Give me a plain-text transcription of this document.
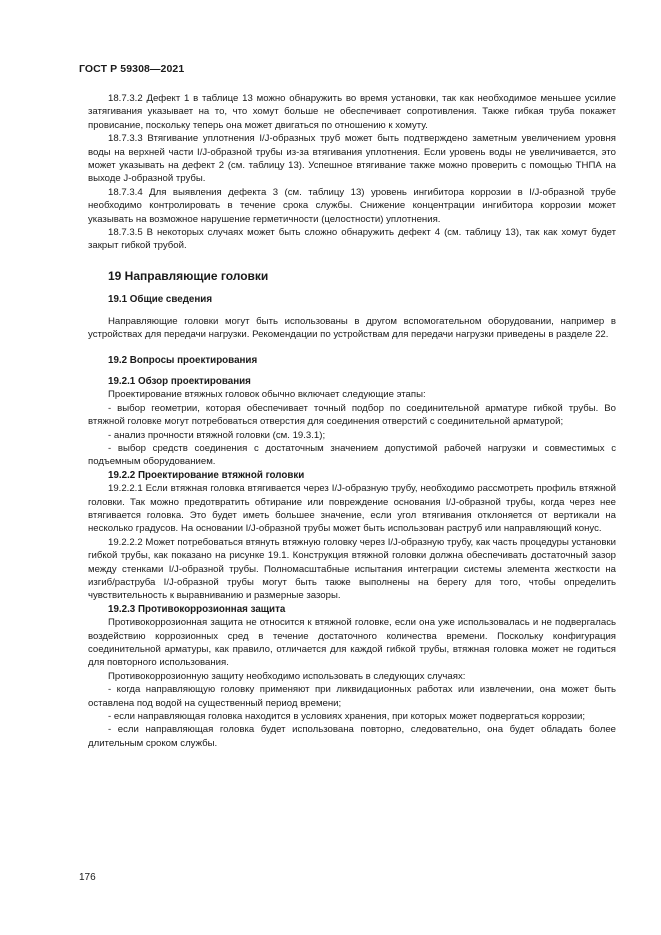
ГОСТ Р 59308—2021

18.7.3.2 Дефект 1 в таблице 13 можно обнаружить во время установки, так как необходимое меньшее усилие затягивания указывает на то, что хомут больше не обеспечивает сопротивления. Также гибкая труба покажет провисание, поскольку теперь она может двигаться по отношению к хомуту.

18.7.3.3 Втягивание уплотнения I/J-образных труб может быть подтверждено заметным увеличением уровня воды на верхней части I/J-образной трубы из-за втягивания уплотнения. Если уровень воды не увеличивается, это может указывать на дефект 2 (см. таблицу 13). Успешное втягивание также можно проверить с помощью ТНПА на выходе J-образной трубы.

18.7.3.4 Для выявления дефекта 3 (см. таблицу 13) уровень ингибитора коррозии в I/J-образной трубе необходимо контролировать в течение срока службы. Снижение концентрации ингибитора коррозии может указывать на возможное нарушение герметичности (целостности) уплотнения.

18.7.3.5 В некоторых случаях может быть сложно обнаружить дефект 4 (см. таблицу 13), так как хомут будет закрыт гибкой трубой.

19 Направляющие головки
19.1 Общие сведения

Направляющие головки могут быть использованы в другом вспомогательном оборудовании, например в устройствах для передачи нагрузки. Рекомендации по устройствам для передачи нагрузки приведены в разделе 22.

19.2 Вопросы проектирования
19.2.1 Обзор проектирования

Проектирование втяжных головок обычно включает следующие этапы:

- выбор геометрии, которая обеспечивает точный подбор по соединительной арматуре гибкой трубы. Во втяжной головке могут потребоваться отверстия для соединения отверстий с соединительной арматурой;

- анализ прочности втяжной головки (см. 19.3.1);

- выбор средств соединения с достаточным значением допустимой рабочей нагрузки и совместимых с подъемным оборудованием.

19.2.2 Проектирование втяжной головки

19.2.2.1 Если втяжная головка втягивается через I/J-образную трубу, необходимо рассмотреть профиль втяжной головки. Так можно предотвратить обтирание или повреждение основания I/J-образной трубы, когда через нее втягивается головка. Это будет иметь большее значение, если угол втягивания отклоняется от вертикали на несколько градусов. На основании I/J-образной трубы может быть использован раструб или направляющий конус.

19.2.2.2 Может потребоваться втянуть втяжную головку через I/J-образную трубу, как часть процедуры установки гибкой трубы, как показано на рисунке 19.1. Конструкция втяжной головки должна обеспечивать достаточный зазор между стенками I/J-образной трубы. Полномасштабные испытания интеграции системы элемента жесткости на изгиб/раструба I/J-образной трубы могут быть также выполнены на берегу для того, чтобы определить чувствительность к выравниванию и размерные зазоры.

19.2.3 Противокоррозионная защита

Противокоррозионная защита не относится к втяжной головке, если она уже использовалась и не подвергалась воздействию коррозионных сред в течение достаточного количества времени. Поскольку конфигурация соединительной арматуры, как правило, отличается для каждой гибкой трубы, втяжная головка может не годиться для повторного использования.

Противокоррозионную защиту необходимо использовать в следующих случаях:

- когда направляющую головку применяют при ликвидационных работах или извлечении, она может быть оставлена под водой на существенный период времени;

- если направляющая головка находится в условиях хранения, при которых может подвергаться коррозии;

- если направляющая головка будет использована повторно, следовательно, она будет обладать более длительным сроком службы.

176
